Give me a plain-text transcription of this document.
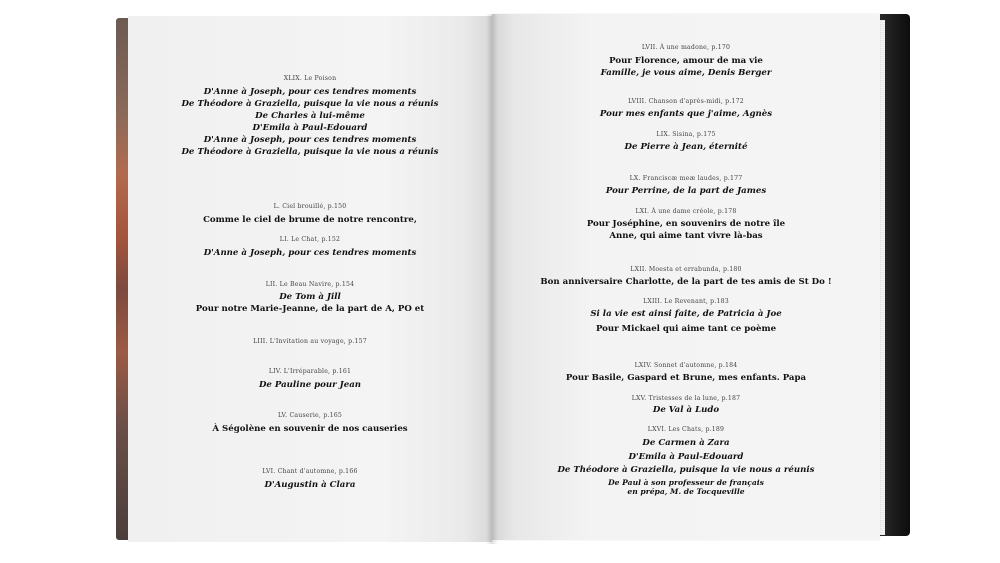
XLIX. Le Poison
D'Anne à Joseph, pour ces tendres moments
De Théodore à Graziella, puisque la vie nous a réunis
De Charles à lui-même
D'Emila à Paul-Edouard
D'Anne à Joseph, pour ces tendres moments
De Théodore à Graziella, puisque la vie nous a réunis
L. Ciel brouillé, p.150
Comme le ciel de brume de notre rencontre,
LI. Le Chat, p.152
D'Anne à Joseph, pour ces tendres moments
LII. Le Beau Navire, p.154
De Tom à Jill
Pour notre Marie-Jeanne, de la part de A, PO et
LIII. L'Invitation au voyage, p.157
LIV. L'Irréparable, p.161
De Pauline pour Jean
LV. Causerie, p.165
À Ségolène en souvenir de nos causeries
LVI. Chant d'automne, p.166
D'Augustin à Clara
LVII. À une madone, p.170
Pour Florence, amour de ma vie
Famille, je vous aime, Denis Berger
LVIII. Chanson d'après-midi, p.172
Pour mes enfants que j'aime, Agnès
LIX. Sisina, p.175
De Pierre à Jean, éternité
LX. Franciscæ meæ laudes, p.177
Pour Perrine, de la part de James
LXI. À une dame créole, p.178
Pour Joséphine, en souvenirs de notre île
Anne, qui aime tant vivre là-bas
LXII. Moesta et errabunda, p.180
Bon anniversaire Charlotte, de la part de tes amis de St Do !
LXIII. Le Revenant, p.183
Si la vie est ainsi faite, de Patricia à Joe
Pour Mickael qui aime tant ce poème
LXIV. Sonnet d'automne, p.184
Pour Basile, Gaspard et Brune, mes enfants. Papa
LXV. Tristesses de la lune, p.187
De Val à Ludo
LXVI. Les Chats, p.189
De Carmen à Zara
D'Emila à Paul-Edouard
De Théodore à Graziella, puisque la vie nous a réunis
De Paul à son professeur de français
en prépa, M. de Tocqueville
